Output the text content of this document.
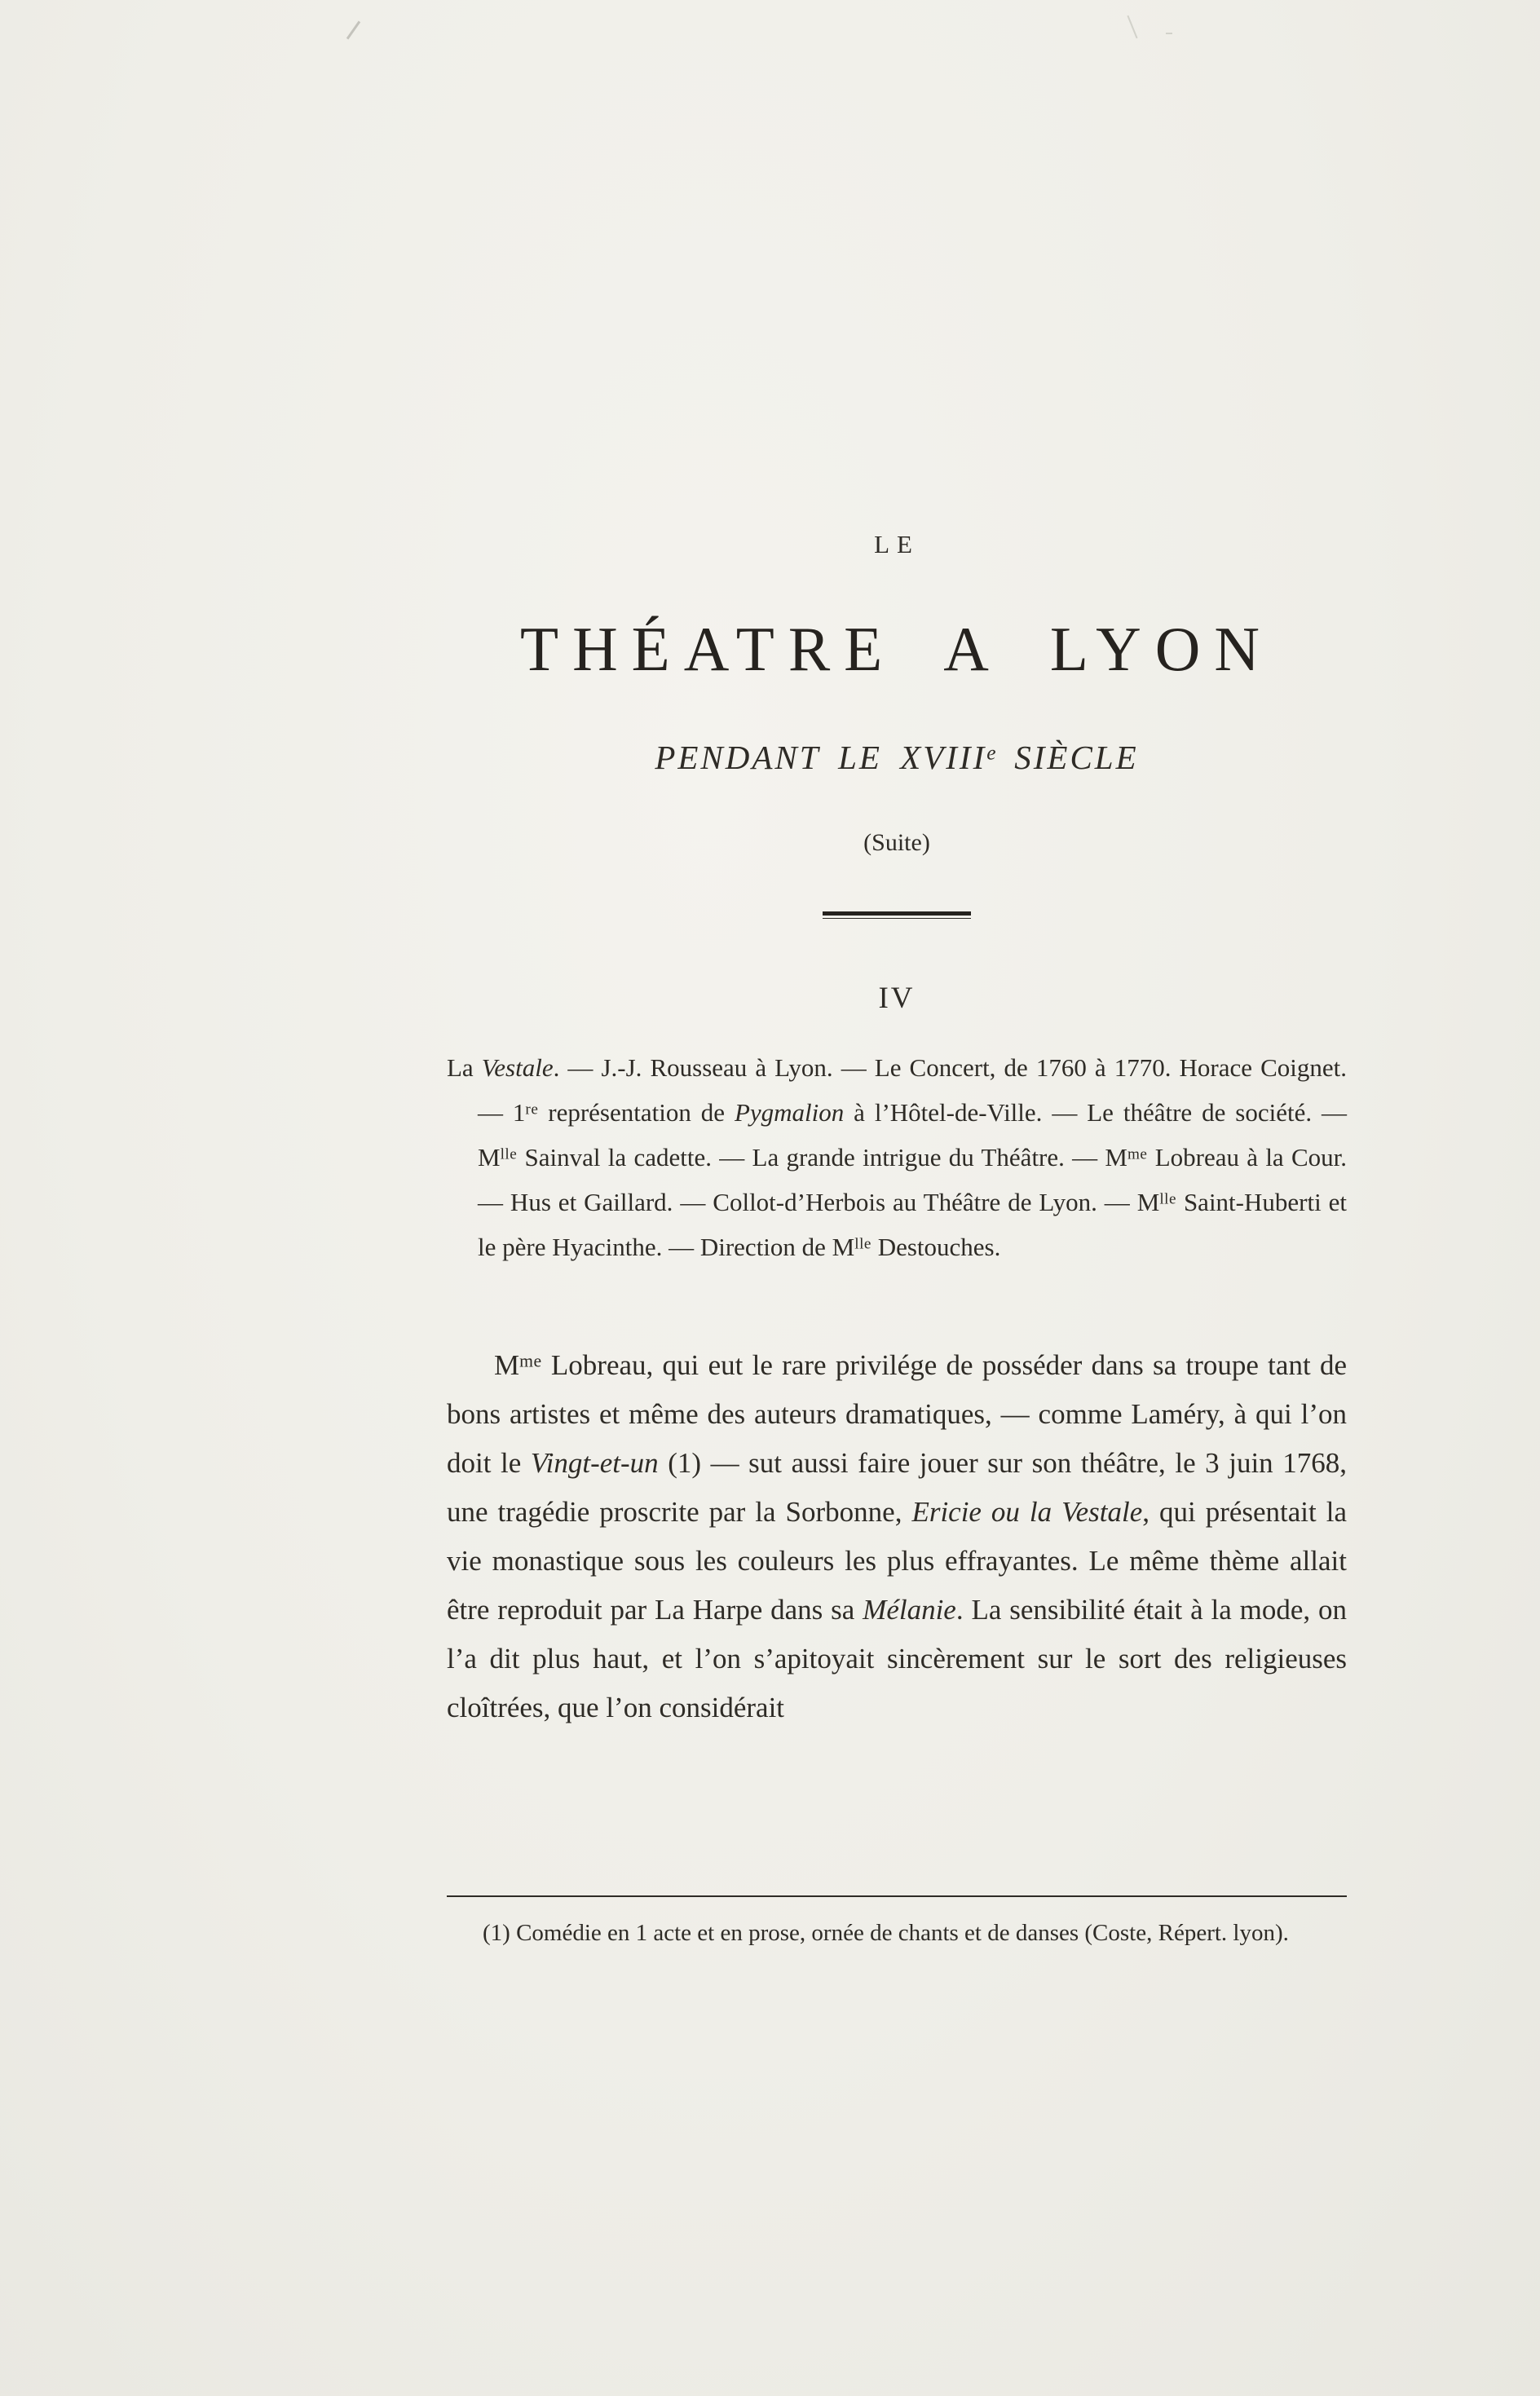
LE
THÉATRE A LYON
PENDANT LE XVIIIe SIÈCLE
(Suite)
IV

La Vestale. — J.-J. Rousseau à Lyon. — Le Concert, de 1760 à 1770. Horace Coignet. — 1re représentation de Pygmalion à l’Hôtel-de-Ville. — Le théâtre de société. — $M^{lle}$ Sainval la cadette. — La grande intrigue du Théâtre. — $M^{me}$ Lobreau à la Cour. — Hus et Gaillard. — Collot-d’Herbois au Théâtre de Lyon. — $M^{lle}$ Saint-Huberti et le père Hyacinthe. — Direction de $M^{lle}$ Destouches.

$M^{me}$ Lobreau, qui eut le rare privilége de posséder dans sa troupe tant de bons artistes et même des auteurs dramatiques, — comme Laméry, à qui l’on doit le Vingt-et-un (1) — sut aussi faire jouer sur son théâtre, le 3 juin 1768, une tragédie proscrite par la Sorbonne, Ericie ou la Vestale, qui présentait la vie monastique sous les couleurs les plus effrayantes. Le même thème allait être reproduit par La Harpe dans sa Mélanie. La sensibilité était à la mode, on l’a dit plus haut, et l’on s’apitoyait sincèrement sur le sort des religieuses cloîtrées, que l’on considérait

(1) Comédie en 1 acte et en prose, ornée de chants et de danses (Coste, Répert. lyon).
